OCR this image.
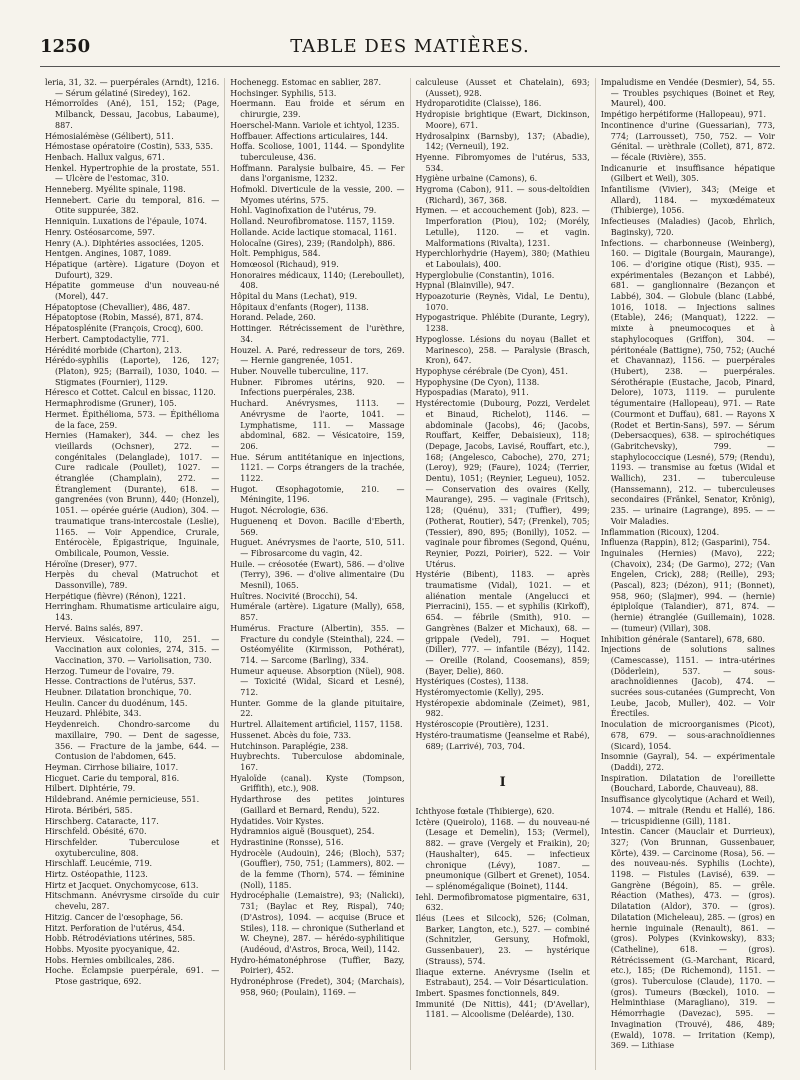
TABLE DES MATIÈRES.
1250

leria, 31, 32. — puerpérales (Arndt), 1216. — Sérum gélatiné (Siredey), 162.

Hémorroïdes (Ané), 151, 152; (Page, Milbanck, Dessau, Jacobus, Labaume), 887.

Hémosialémèse (Gélibert), 511.

Hémostase opératoire (Costin), 533, 535.

Henbach. Hallux valgus, 671.

Henkel. Hypertrophie de la prostate, 551. — Ulcère de l'estomac, 310.

Henneberg. Myélite spinale, 1198.

Hennebert. Carie du temporal, 816. — Otite suppurée, 382.

Henniquin. Luxations de l'épaule, 1074.

Henry. Ostéosarcome, 597.

Henry (A.). Diphtéries associées, 1205.

Hentgen. Angines, 1087, 1089.

Hépatique (artère). Ligature (Doyon et Dufourt), 329.

Hépatite gommeuse d'un nouveau-né (Morel), 447.

Hépatoptose (Chevallier), 486, 487.

Hépatoptose (Robin, Massé), 871, 874.

Hépatosplénite (François, Crocq), 600.

Herbert. Camptodactylie, 771.

Hérédité morbide (Charton), 213.

Hérédo-syphilis (Laporte), 126, 127; (Platon), 925; (Barrail), 1030, 1040. — Stigmates (Fournier), 1129.

Héresco et Cottet. Calcul en bissac, 1120.

Hermaphrodisme (Gruner), 105.

Hermet. Épithélioma, 573. — Épithélioma de la face, 259.

Hernies (Hamaker), 344. — chez les vieillards (Ochsner), 272. — congénitales (Delanglade), 1017. — Cure radicale (Poullet), 1027. — étranglée (Champlain), 272. — Étranglement (Durante), 618. — gangrenées (von Brunn), 440; (Honzel), 1051. — opérée guérie (Audion), 304. — traumatique trans-intercostale (Leslie), 1165. — Voir Appendice, Crurale, Entérocèle, Épigastrique, Inguinale, Ombilicale, Poumon, Vessie.

Héroïne (Dreser), 977.

Herpès du cheval (Matruchot et Dassonville), 789.

Herpétique (fièvre) (Rénon), 1221.

Herringham. Rhumatisme articulaire aigu, 143.

Hervé. Bains salés, 897.

Hervieux. Vésicatoire, 110, 251. — Vaccination aux colonies, 274, 315. — Vaccination, 370. — Variolisation, 730.

Herzog. Tumeur de l'ovaire, 79.

Hesse. Contractions de l'utérus, 537.

Heubner. Dilatation bronchique, 70.

Heulin. Cancer du duodénum, 145.

Heuzard. Phlébite, 343.

Heydenreich. Chondro-sarcome du maxillaire, 790. — Dent de sagesse, 356. — Fracture de la jambe, 644. — Contusion de l'abdomen, 645.

Heyman. Cirrhose biliaire, 1017.

Hicguet. Carie du temporal, 816.

Hilbert. Diphtérie, 79.

Hildebrand. Anémie pernicieuse, 551.

Hirota. Béribéri, 585.

Hirschberg. Cataracte, 117.

Hirschfeld. Obésité, 670.

Hirschfelder. Tuberculose et oxytuberculine, 808.

Hirschlaff. Leucémie, 719.

Hirtz. Ostéopathie, 1123.

Hirtz et Jacquet. Onychomycose, 613.

Hitschmann. Anévrysme cirsoïde du cuir chevelu, 287.

Hitzig. Cancer de l'œsophage, 56.

Hitzt. Perforation de l'utérus, 454.

Hobb. Rétrodéviations utérines, 585.

Hobbs. Myosite pyocyanique, 42.

Hobs. Hernies ombilicales, 286.

Hoche. Éclampsie puerpérale, 691. — Ptose gastrique, 692.

Hochenegg. Estomac en sablier, 287.

Hochsinger. Syphilis, 513.

Hoermann. Eau froide et sérum en chirurgie, 239.

Hoerschel-Mann. Variole et ichtyol, 1235.

Hoffbauer. Affections articulaires, 144.

Hoffa. Scoliose, 1001, 1144. — Spondylite tuberculeuse, 436.

Hoffmann. Paralysie bulbaire, 45. — Fer dans l'organisme, 1232.

Hofmokl. Diverticule de la vessie, 200. — Myomes utérins, 575.

Hohl. Vaginofixation de l'utérus, 79.

Holland. Neurofibromatose. 1157, 1159.

Hollande. Acide lactique stomacal, 1161.

Holocaïne (Gires), 239; (Randolph), 886.

Holt. Pemphigus, 584.

Homœosol (Richaud), 919.

Honoraires médicaux, 1140; (Lereboullet), 408.

Hôpital du Mans (Lechat), 919.

Hôpitaux d'enfants (Roger), 1138.

Horand. Pelade, 260.

Hottinger. Rétrécissement de l'urèthre, 34.

Houzel. A. Paré, redresseur de tors, 269. — Hernie gangrenée, 1051.

Huber. Nouvelle tuberculine, 117.

Hubner. Fibromes utérins, 920. — Infections puerpérales, 238.

Huchard. Anévrysmes, 1113. — Anévrysme de l'aorte, 1041. — Lymphatisme, 111. — Massage abdominal, 682. — Vésicatoire, 159, 206.

Hue. Sérum antitétanique en injections, 1121. — Corps étrangers de la trachée, 1122.

Hugot. Œsophagotomie, 210. — Méningite, 1196.

Hugot. Nécrologie, 636.

Huguenenq et Dovon. Bacille d'Eberth, 569.

Huguet. Anévrysmes de l'aorte, 510, 511. — Fibrosarcome du vagin, 42.

Huile. — créosotée (Ewart), 586. — d'olive (Terry), 396. — d'olive alimentaire (Du Mesnil), 1065.

Huîtres. Nocivité (Brocchi), 54.

Humérale (artère). Ligature (Mally), 658, 857.

Humérus. Fracture (Albertin), 355. — Fracture du condyle (Steinthal), 224. — Ostéomyélite (Kirmisson, Pothérat), 714. — Sarcome (Barling), 334.

Humeur aqueuse. Absorption (Nüel), 908. — Toxicité (Widal, Sicard et Lesné), 712.

Hunter. Gomme de la glande pituitaire, 22.

Hurtrel. Allaitement artificiel, 1157, 1158.

Hussenet. Abcès du foie, 733.

Hutchinson. Paraplégie, 238.

Huybrechts. Tuberculose abdominale, 167.

Hyaloïde (canal). Kyste (Tompson, Griffith), etc.), 908.

Hydarthrose des petites jointures (Gaillard et Bernard, Rendu), 522.

Hydatides. Voir Kystes.

Hydramnios aiguë (Bousquet), 254.

Hydrastinine (Ronsse), 516.

Hydrocèle (Audouin), 246; (Bloch), 537; (Gouffier), 750, 751; (Lammers), 802. — de la femme (Thorn), 574. — féminine (Noll), 1185.

Hydrocéphalie (Lemaistre), 93; (Nalicki), 731; (Baylac et Rey, Rispal), 740; (D'Astros), 1094. — acquise (Bruce et Stiles), 118. — chronique (Sutherland et W. Cheyne), 287. — hérédo-syphilitique (Audéoud, d'Astros, Broca, Weil), 1142.

Hydro-hématonéphrose (Tuffier, Bazy, Poirier), 452.

Hydronéphrose (Fredet), 304; (Marchais), 958, 960; (Poulain), 1169. —

calculeuse (Ausset et Chatelain), 693; (Ausset), 928.

Hydroparotidite (Claisse), 186.

Hydropisie brightique (Ewart, Dickinson, Moore), 671.

Hydrosalpinx (Barnsby), 137; (Abadie), 142; (Verneuil), 192.

Hyenne. Fibromyomes de l'utérus, 533, 534.

Hygiène urbaine (Camons), 6.

Hygroma (Cabon), 911. — sous-deltoïdien (Richard), 367, 368.

Hymen. — et accouchement (Job), 823. — Imperforation (Piou), 102; (Morély, Letulle), 1120. — et vagin. Malformations (Rivalta), 1231.

Hyperchlorhydrie (Hayem), 380; (Mathieu et Laboulais), 400.

Hyperglobulie (Constantin), 1016.

Hypnal (Blainville), 947.

Hypoazoturie (Reynès, Vidal, Le Dentu), 1070.

Hypogastrique. Phlébite (Durante, Legry), 1238.

Hypoglosse. Lésions du noyau (Ballet et Marinesco), 258. — Paralysie (Brasch, Kron), 647.

Hypophyse cérébrale (De Cyon), 451.

Hypophysine (De Cyon), 1138.

Hypospadias (Marato), 911.

Hystérectomie (Dubourg, Pozzi, Verdelet et Binaud, Richelot), 1146. — abdominale (Jacobs), 46; (Jacobs, Rouffart, Keiffer, Debaisieux), 118; (Depage, Jacobs, Lavisé, Rouffart, etc.), 168; (Angelesco, Caboche), 270, 271; (Leroy), 929; (Faure), 1024; (Terrier, Dentu), 1051; (Reynier, Legueu), 1052. — Conservation des ovaires (Kelly, Maurange), 295. — vaginale (Fritsch), 128; (Quénu), 331; (Tuffier), 499; (Potherat, Routier), 547; (Frenkel), 705; (Tessier), 890, 895; (Bonilly), 1052. — vaginale pour fibromes (Segond, Quénu, Reynier, Pozzi, Poirier), 522. — Voir Utérus.

Hystérie (Bibent), 1183. — après traumatisme (Vidal), 1021. — et aliénation mentale (Angelucci et Pierracini), 155. — et syphilis (Kirkoff), 654. — fébrile (Smith), 910. — Gangrènes (Balzer et Michaux), 68. — grippale (Vedel), 791. — Hoquet (Diller), 777. — infantile (Bézy), 1142. — Oreille (Roland, Coosemans), 859; (Bayer, Delie), 860.

Hystériques (Costes), 1138.

Hystéromyectomie (Kelly), 295.

Hystéropexie abdominale (Zeimet), 981, 982.

Hystéroscopie (Proutière), 1231.

Hystéro-traumatisme (Jeanselme et Rabé), 689; (Larrivé), 703, 704.

I

Ichthyose fœtale (Thibierge), 620.

Ictère (Queirolo), 1168. — du nouveau-né (Lesage et Demelin), 153; (Vermel), 882. — grave (Vergely et Fraikin), 20; (Haushalter), 645. — infectieux chronique (Lévy), 1087. — pneumonique (Gilbert et Grenet), 1054. — splénomégalique (Boinet), 1144.

Iehl. Dermofibromatose pigmentaire, 631, 632.

Iléus (Lees et Silcock), 526; (Colman, Barker, Langton, etc.), 527. — combiné (Schnitzler, Gersuny, Hofmokl, Gussenbauer), 23. — hystérique (Strauss), 574.

Iliaque externe. Anévrysme (Iselin et Estrabaut), 254. — Voir Désarticulation.

Imbert. Spasmes fonctionnels, 849.

Immunité (De Nittis), 441; (D'Avellar), 1181. — Alcoolisme (Deléarde), 130.

Impaludisme en Vendée (Desmier), 54, 55. — Troubles psychiques (Boinet et Rey, Maurel), 400.

Impétigo herpétiforme (Hallopeau), 971.

Incontinence d'urine (Guessarian), 773, 774; (Larrousset), 750, 752. — Voir Génital. — urèthrale (Collet), 871, 872. — fécale (Rivière), 355.

Indicanurie et insuffisance hépatique (Gilbert et Weil), 305.

Infantilisme (Vivier), 343; (Meige et Allard), 1184. — myxœdémateux (Thibierge), 1056.

Infectieuses (Maladies) (Jacob, Ehrlich, Baginsky), 720.

Infections. — charbonneuse (Weinberg), 160. — Digitale (Bourgain, Maurange), 106. — d'origine otique (Rist), 935. — expérimentales (Bezançon et Labbé), 681. — ganglionnaire (Bezançon et Labbé), 304. — Globule (blanc (Labbé, 1016, 1018. — Injections salines (Etable), 246; (Manquat), 1222. — mixte à pneumocoques et à staphylocoques (Griffon), 304. — péritonéale (Battigne), 750, 752; (Auché et Chavannaz), 1156. — puerpérales (Hubert), 238. — puerpérales. Sérothérapie (Eustache, Jacob, Pinard, Delore), 1073, 1119. — purulente tégumentaire (Hallopeau), 971. — Rate (Courmont et Duffau), 681. — Rayons X (Rodet et Bertin-Sans), 597. — Sérum (Debersacques), 638. — spirochétiques (Gabritchevsky), 799. — staphylococcique (Lesné), 579; (Rendu), 1193. — transmise au fœtus (Widal et Wallich), 231. — tuberculeuse (Hanssemann), 212. — tuberculeuses secondaires (Fränkel, Senator, Krönig), 235. — urinaire (Lagrange), 895. — — Voir Maladies.

Inflammation (Ricoux), 1204.

Influenza (Rappin), 812; (Gasparini), 754.

Inguinales (Hernies) (Mavo), 222; (Chavoix), 234; (De Garmo), 272; (Van Engelen, Crick), 288; (Reille), 293; (Pascal), 823; (Dézon), 911; (Bonnet), 958, 960; (Slajmer), 994. — (hernie) épiploïque (Talandier), 871, 874. — (hernie) étranglée (Guillemain), 1028. — (tumeur) (Villar), 308.

Inhibition générale (Santarel), 678, 680.

Injections de solutions salines (Camescasse), 1151. — intra-utérines (Döderlein), 537. — sous-arachnoïdiennes (Jacob), 474. — sucrées sous-cutanées (Gumprecht, Von Leube, Jacob, Muller), 402. — Voir Érectiles.

Inoculation de microorganismes (Picot), 678, 679. — sous-arachnoïdiennes (Sicard), 1054.

Insomnie (Gayral), 54. — expérimentale (Daddi), 272.

Inspiration. Dilatation de l'oreillette (Bouchard, Laborde, Chauveau), 88.

Insuffisance glycolytique (Achard et Weil), 1074. — mitrale (Rendu et Hallé), 186. — tricuspidienne (Gill), 1181.

Intestin. Cancer (Mauclair et Durrieux), 327; (Von Brunnan, Gussenbauer, Körte), 439. — Carcinome (Rosa), 56. — des nouveau-nés. Syphilis (Lochte), 1198. — Fistules (Lavisé), 639. — Gangrène (Bégoin), 85. — grêle. Réaction (Mathes), 473. — (gros). Dilatation (Aldor), 370. — (gros). Dilatation (Micheleau), 285. — (gros) en hernie inguinale (Renault), 861. — (gros). Polypes (Kvinkowsky), 833; (Catheline), 618. — (gros). Rétrécissement (G.-Marchant, Ricard, etc.), 185; (De Richemond), 1151. — (gros). Tuberculose (Claude), 1170. — (gros). Tumeurs (Bœckel), 1010. — Helminthiase (Maragliano), 319. — Hémorrhagie (Davezac), 595. — Invagination (Trouvé), 486, 489; (Ewald), 1078. — Irritation (Kemp), 369. — Lithiase
